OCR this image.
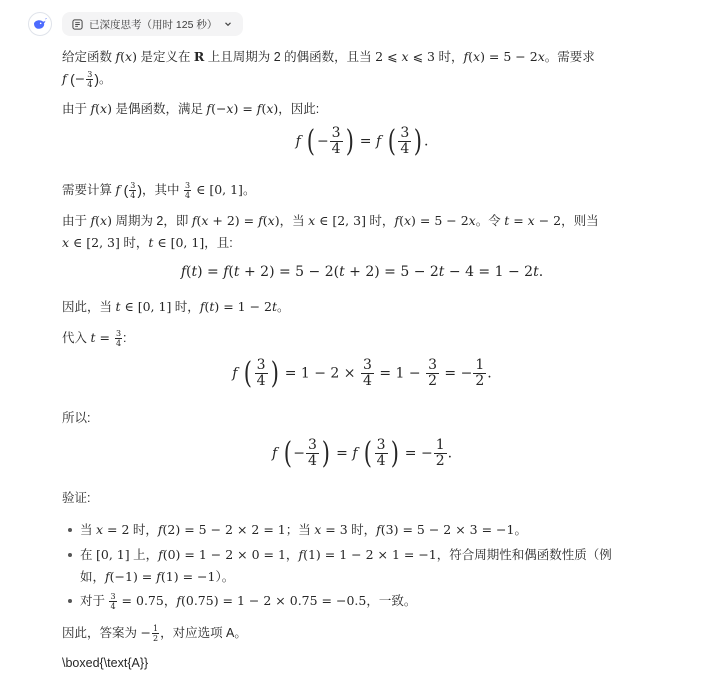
已深度思考（用时 125 秒）

给定函数 f(x) 是定义在 R 上且周期为 2 的偶函数，且当 2 ⩽ x ⩽ 3 时，f(x) = 5 − 2x。需要求
f (− $\frac{3}{4}$ )。

由于 f(x) 是偶函数，满足 f(−x) = f(x)，因此:

f ( − $\frac{3}{4}$ ) = f ( $\frac{3}{4}$ ) .

需要计算 f ( $\frac{3}{4}$ )，其中 $\frac{3}{4}$ ∈ [0, 1]。

由于 f(x) 周期为 2，即 f(x + 2) = f(x)，当 x ∈ [2, 3] 时，f(x) = 5 − 2x。令 t = x − 2，则当
x ∈ [2, 3] 时，t ∈ [0, 1]，且:

f(t) = f(t + 2) = 5 − 2(t + 2) = 5 − 2t − 4 = 1 − 2t.

因此，当 t ∈ [0, 1] 时，f(t) = 1 − 2t。

代入 $t = \frac{3}{4}$ :

f ( $\frac{3}{4}$ ) = $1 - 2 \times \frac{3}{4} = 1 - \frac{3}{2}$ = − $\frac{1}{2}$ .

所以:

f ( − $\frac{3}{4}$ ) = f ( $\frac{3}{4}$ ) = − $\frac{1}{2}$ .

验证:

当 x = 2 时，f(2) = 5 − 2 × 2 = 1；当 x = 3 时，f(3) = 5 − 2 × 3 = −1。
在 [0, 1] 上，f(0) = 1 − 2 × 0 = 1，f(1) = 1 − 2 × 1 = −1，符合周期性和偶函数性质（例
如，f(−1) = f(1) = −1）。
对于 $\frac{3}{4} = 0.75$，f(0.75) = 1 − 2 × 0.75 = −0.5，一致。

因此，答案为 − $\frac{1}{2}$ ，对应选项 A。

\boxed{\text{A}}
